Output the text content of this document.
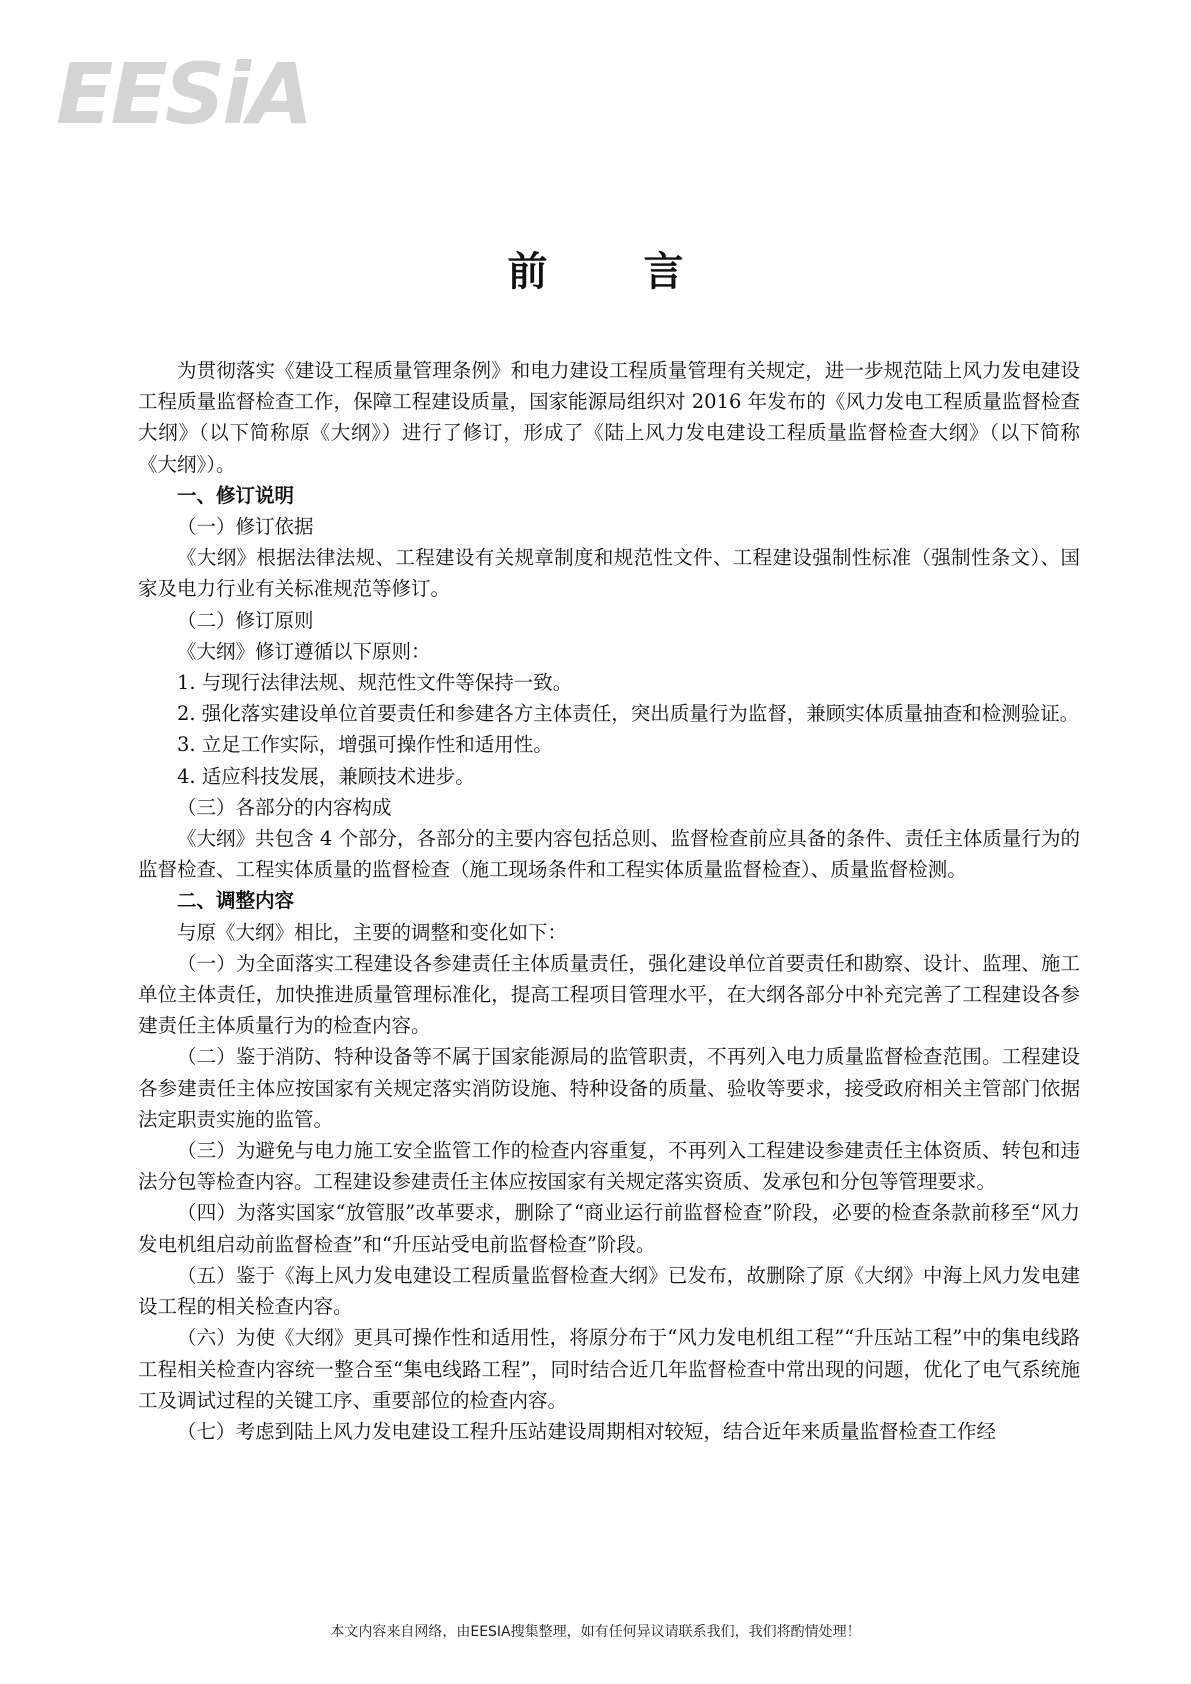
EESiA
前言

为贯彻落实《建设工程质量管理条例》和电力建设工程质量管理有关规定，进一步规范陆上风力发电建设工程质量监督检查工作，保障工程建设质量，国家能源局组织对 2016 年发布的《风力发电工程质量监督检查大纲》（以下简称原《大纲》）进行了修订，形成了《陆上风力发电建设工程质量监督检查大纲》（以下简称《大纲》）。

一、修订说明

（一）修订依据

《大纲》根据法律法规、工程建设有关规章制度和规范性文件、工程建设强制性标准（强制性条文）、国家及电力行业有关标准规范等修订。

（二）修订原则

《大纲》修订遵循以下原则：

1. 与现行法律法规、规范性文件等保持一致。

2. 强化落实建设单位首要责任和参建各方主体责任，突出质量行为监督，兼顾实体质量抽查和检测验证。

3. 立足工作实际，增强可操作性和适用性。

4. 适应科技发展，兼顾技术进步。

（三）各部分的内容构成

《大纲》共包含 4 个部分，各部分的主要内容包括总则、监督检查前应具备的条件、责任主体质量行为的监督检查、工程实体质量的监督检查（施工现场条件和工程实体质量监督检查）、质量监督检测。

二、调整内容

与原《大纲》相比，主要的调整和变化如下：

（一）为全面落实工程建设各参建责任主体质量责任，强化建设单位首要责任和勘察、设计、监理、施工单位主体责任，加快推进质量管理标准化，提高工程项目管理水平，在大纲各部分中补充完善了工程建设各参建责任主体质量行为的检查内容。

（二）鉴于消防、特种设备等不属于国家能源局的监管职责，不再列入电力质量监督检查范围。工程建设各参建责任主体应按国家有关规定落实消防设施、特种设备的质量、验收等要求，接受政府相关主管部门依据法定职责实施的监管。

（三）为避免与电力施工安全监管工作的检查内容重复，不再列入工程建设参建责任主体资质、转包和违法分包等检查内容。工程建设参建责任主体应按国家有关规定落实资质、发承包和分包等管理要求。

（四）为落实国家“放管服”改革要求，删除了“商业运行前监督检查”阶段，必要的检查条款前移至“风力发电机组启动前监督检查”和“升压站受电前监督检查”阶段。

（五）鉴于《海上风力发电建设工程质量监督检查大纲》已发布，故删除了原《大纲》中海上风力发电建设工程的相关检查内容。

（六）为使《大纲》更具可操作性和适用性，将原分布于“风力发电机组工程”“升压站工程”中的集电线路工程相关检查内容统一整合至“集电线路工程”，同时结合近几年监督检查中常出现的问题，优化了电气系统施工及调试过程的关键工序、重要部位的检查内容。

（七）考虑到陆上风力发电建设工程升压站建设周期相对较短，结合近年来质量监督检查工作经

本文内容来自网络，由EESIA搜集整理，如有任何异议请联系我们，我们将酌情处理！
